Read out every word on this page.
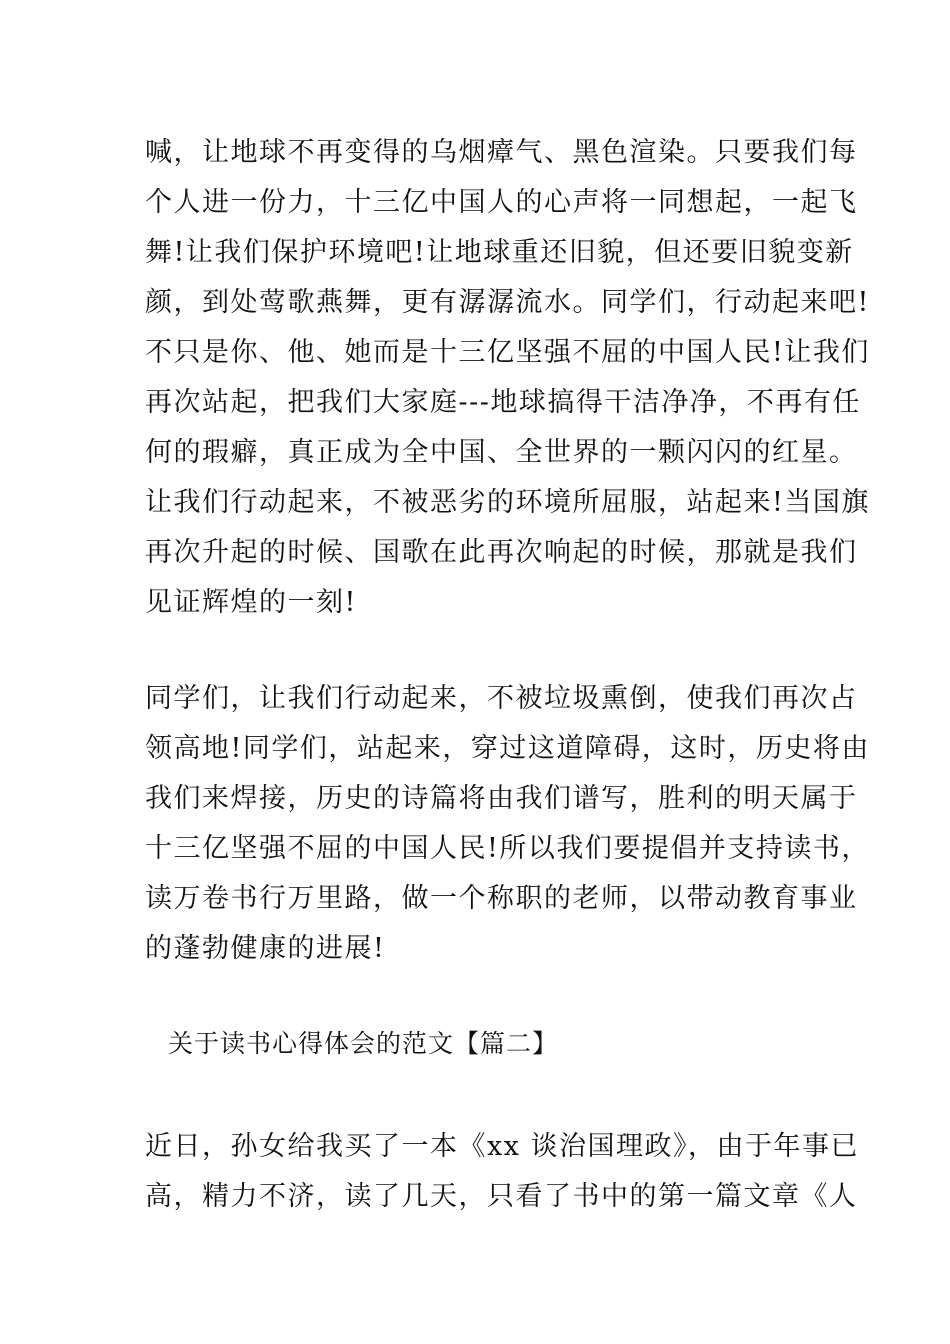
喊，让地球不再变得的乌烟瘴气、黑色渲染。只要我们每
个人进一份力，十三亿中国人的心声将一同想起，一起飞
舞!让我们保护环境吧!让地球重还旧貌，但还要旧貌变新
颜，到处莺歌燕舞，更有潺潺流水。同学们，行动起来吧!
不只是你、他、她而是十三亿坚强不屈的中国人民!让我们
再次站起，把我们大家庭---地球搞得干洁净净，不再有任
何的瑕癖，真正成为全中国、全世界的一颗闪闪的红星。
让我们行动起来，不被恶劣的环境所屈服，站起来!当国旗
再次升起的时候、国歌在此再次响起的时候，那就是我们
见证辉煌的一刻!
同学们，让我们行动起来，不被垃圾熏倒，使我们再次占
领高地!同学们，站起来，穿过这道障碍，这时，历史将由
我们来焊接，历史的诗篇将由我们谱写，胜利的明天属于
十三亿坚强不屈的中国人民!所以我们要提倡并支持读书，
读万卷书行万里路，做一个称职的老师，以带动教育事业
的蓬勃健康的进展!
关于读书心得体会的范文【篇二】
近日，孙女给我买了一本《xx 谈治国理政》，由于年事已
高，精力不济，读了几天，只看了书中的第一篇文章《人
